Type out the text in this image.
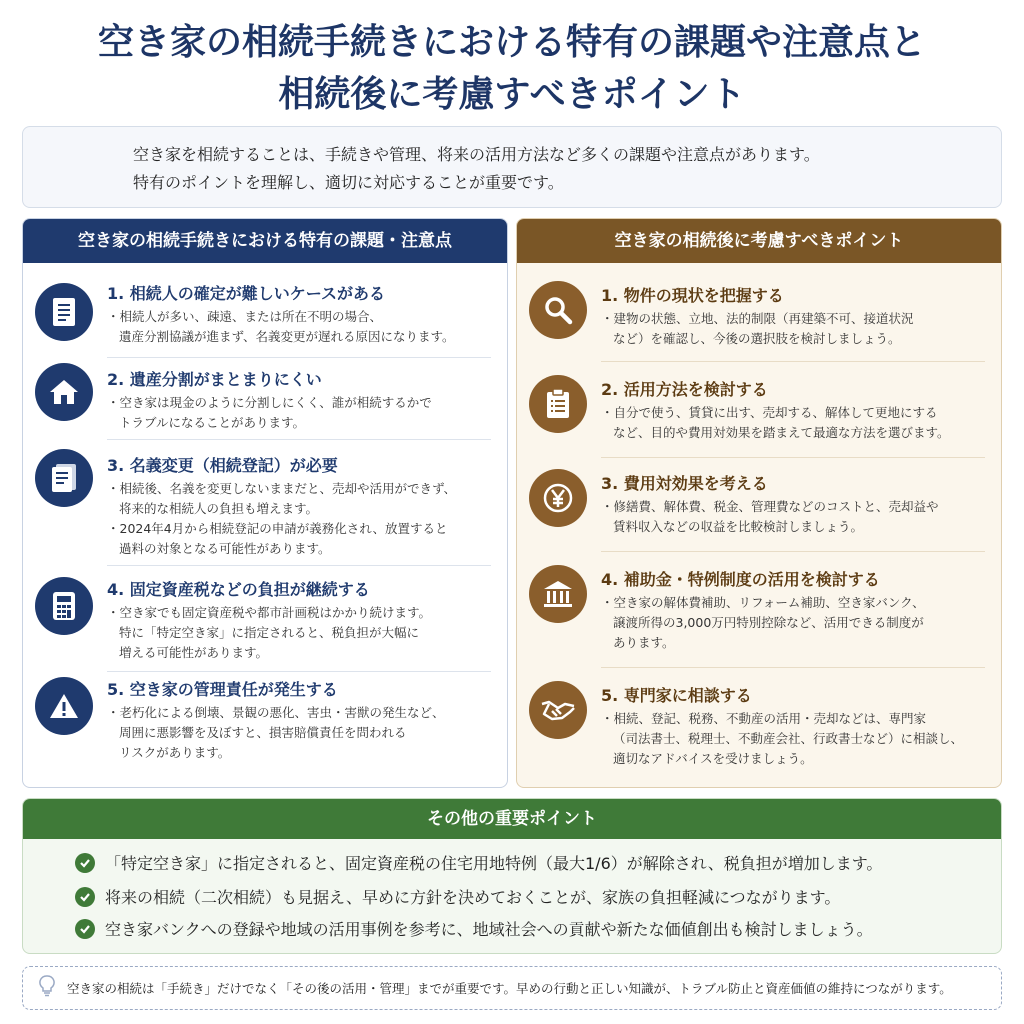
空き家の相続手続きにおける特有の課題や注意点と
相続後に考慮すべきポイント

空き家を相続することは、手続きや管理、将来の活用方法など多くの課題や注意点があります。

特有のポイントを理解し、適切に対応することが重要です。

空き家の相続手続きにおける特有の課題・注意点
1. 相続人の確定が難しいケースがある
・相続人が多い、疎遠、または所在不明の場合、
遺産分割協議が進まず、名義変更が遅れる原因になります。
2. 遺産分割がまとまりにくい
・空き家は現金のように分割しにくく、誰が相続するかで
トラブルになることがあります。
3. 名義変更（相続登記）が必要
・相続後、名義を変更しないままだと、売却や活用ができず、
将来的な相続人の負担も増えます。
・2024年4月から相続登記の申請が義務化され、放置すると
過料の対象となる可能性があります。
4. 固定資産税などの負担が継続する
・空き家でも固定資産税や都市計画税はかかり続けます。
特に「特定空き家」に指定されると、税負担が大幅に
増える可能性があります。
5. 空き家の管理責任が発生する
・老朽化による倒壊、景観の悪化、害虫・害獣の発生など、
周囲に悪影響を及ぼすと、損害賠償責任を問われる
リスクがあります。
空き家の相続後に考慮すべきポイント
1. 物件の現状を把握する
・建物の状態、立地、法的制限（再建築不可、接道状況
など）を確認し、今後の選択肢を検討しましょう。
2. 活用方法を検討する
・自分で使う、賃貸に出す、売却する、解体して更地にする
など、目的や費用対効果を踏まえて最適な方法を選びます。
3. 費用対効果を考える
・修繕費、解体費、税金、管理費などのコストと、売却益や
賃料収入などの収益を比較検討しましょう。
4. 補助金・特例制度の活用を検討する
・空き家の解体費補助、リフォーム補助、空き家バンク、
譲渡所得の3,000万円特別控除など、活用できる制度が
あります。
5. 専門家に相談する
・相続、登記、税務、不動産の活用・売却などは、専門家
（司法書士、税理士、不動産会社、行政書士など）に相談し、
適切なアドバイスを受けましょう。
その他の重要ポイント
「特定空き家」に指定されると、固定資産税の住宅用地特例（最大1/6）が解除され、税負担が増加します。
将来の相続（二次相続）も見据え、早めに方針を決めておくことが、家族の負担軽減につながります。
空き家バンクへの登録や地域の活用事例を参考に、地域社会への貢献や新たな価値創出も検討しましょう。
空き家の相続は「手続き」だけでなく「その後の活用・管理」までが重要です。早めの行動と正しい知識が、トラブル防止と資産価値の維持につながります。
